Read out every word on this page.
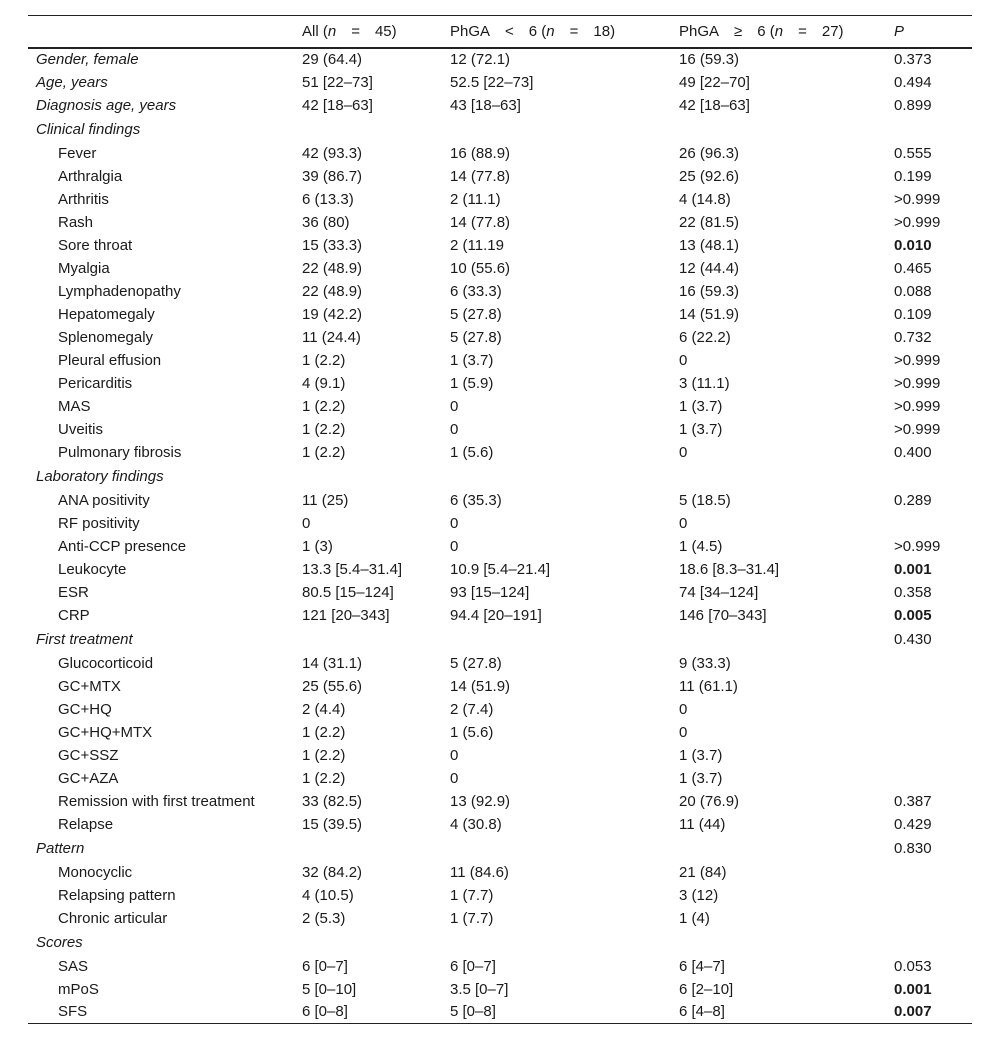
	All (n = 45)	PhGA < 6 (n = 18)	PhGA ≥ 6 (n = 27)	P
Gender, female	29 (64.4)	12 (72.1)	16 (59.3)	0.373
Age, years	51 [22–73]	52.5 [22–73]	49 [22–70]	0.494
Diagnosis age, years	42 [18–63]	43 [18–63]	42 [18–63]	0.899
Clinical findings				
Fever	42 (93.3)	16 (88.9)	26 (96.3)	0.555
Arthralgia	39 (86.7)	14 (77.8)	25 (92.6)	0.199
Arthritis	6 (13.3)	2 (11.1)	4 (14.8)	>0.999
Rash	36 (80)	14 (77.8)	22 (81.5)	>0.999
Sore throat	15 (33.3)	2 (11.19	13 (48.1)	0.010
Myalgia	22 (48.9)	10 (55.6)	12 (44.4)	0.465
Lymphadenopathy	22 (48.9)	6 (33.3)	16 (59.3)	0.088
Hepatomegaly	19 (42.2)	5 (27.8)	14 (51.9)	0.109
Splenomegaly	11 (24.4)	5 (27.8)	6 (22.2)	0.732
Pleural effusion	1 (2.2)	1 (3.7)	0	>0.999
Pericarditis	4 (9.1)	1 (5.9)	3 (11.1)	>0.999
MAS	1 (2.2)	0	1 (3.7)	>0.999
Uveitis	1 (2.2)	0	1 (3.7)	>0.999
Pulmonary fibrosis	1 (2.2)	1 (5.6)	0	0.400
Laboratory findings				
ANA positivity	11 (25)	6 (35.3)	5 (18.5)	0.289
RF positivity	0	0	0	
Anti-CCP presence	1 (3)	0	1 (4.5)	>0.999
Leukocyte	13.3 [5.4–31.4]	10.9 [5.4–21.4]	18.6 [8.3–31.4]	0.001
ESR	80.5 [15–124]	93 [15–124]	74 [34–124]	0.358
CRP	121 [20–343]	94.4 [20–191]	146 [70–343]	0.005
First treatment				0.430
Glucocorticoid	14 (31.1)	5 (27.8)	9 (33.3)	
GC+MTX	25 (55.6)	14 (51.9)	11 (61.1)	
GC+HQ	2 (4.4)	2 (7.4)	0	
GC+HQ+MTX	1 (2.2)	1 (5.6)	0	
GC+SSZ	1 (2.2)	0	1 (3.7)	
GC+AZA	1 (2.2)	0	1 (3.7)	
Remission with first treatment	33 (82.5)	13 (92.9)	20 (76.9)	0.387
Relapse	15 (39.5)	4 (30.8)	11 (44)	0.429
Pattern				0.830
Monocyclic	32 (84.2)	11 (84.6)	21 (84)	
Relapsing pattern	4 (10.5)	1 (7.7)	3 (12)	
Chronic articular	2 (5.3)	1 (7.7)	1 (4)	
Scores				
SAS	6 [0–7]	6 [0–7]	6 [4–7]	0.053
mPoS	5 [0–10]	3.5 [0–7]	6 [2–10]	0.001
SFS	6 [0–8]	5 [0–8]	6 [4–8]	0.007
